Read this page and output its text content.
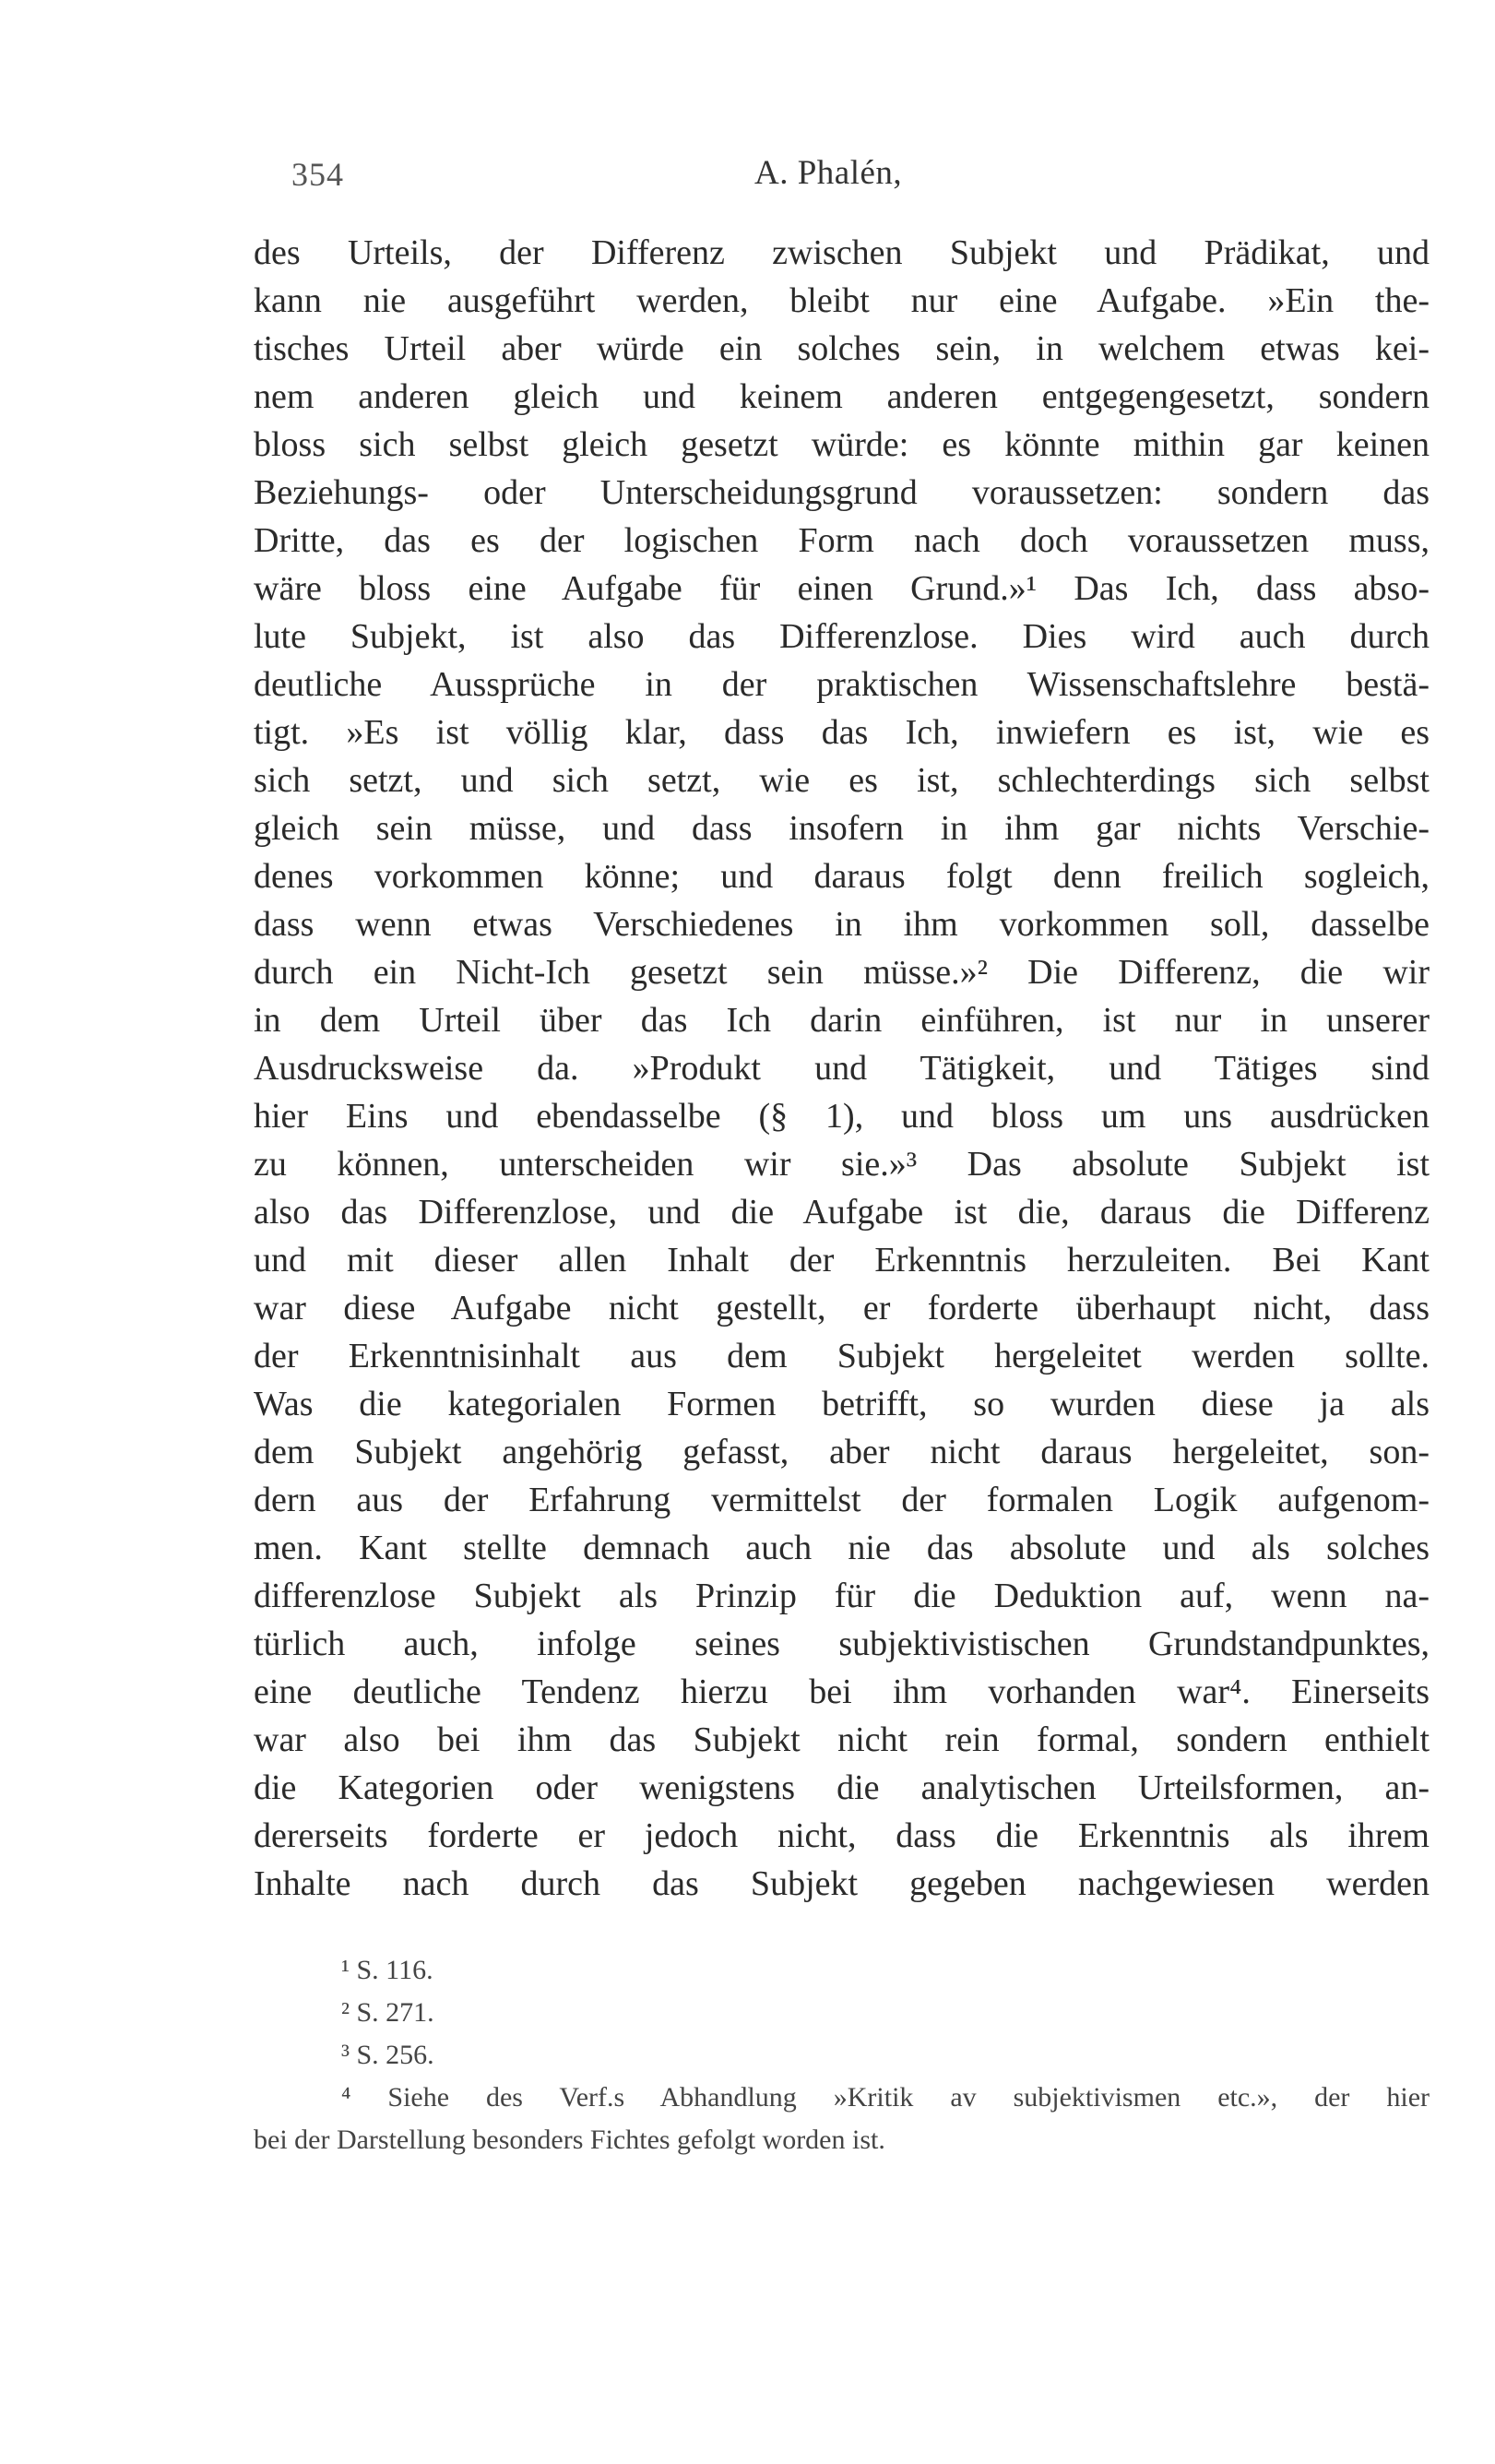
354	A. Phalén,
des Urteils, der Differenz zwischen Subjekt und Prädikat, und
kann nie ausgeführt werden, bleibt nur eine Aufgabe. »Ein the-
tisches Urteil aber würde ein solches sein, in welchem etwas kei-
nem anderen gleich und keinem anderen entgegengesetzt, sondern
bloss sich selbst gleich gesetzt würde: es könnte mithin gar keinen
Beziehungs- oder Unterscheidungsgrund voraussetzen: sondern das
Dritte, das es der logischen Form nach doch voraussetzen muss,
wäre bloss eine Aufgabe für einen Grund.»¹ Das Ich, dass abso-
lute Subjekt, ist also das Differenzlose. Dies wird auch durch
deutliche Aussprüche in der praktischen Wissenschaftslehre bestä-
tigt. »Es ist völlig klar, dass das Ich, inwiefern es ist, wie es
sich setzt, und sich setzt, wie es ist, schlechterdings sich selbst
gleich sein müsse, und dass insofern in ihm gar nichts Verschie-
denes vorkommen könne; und daraus folgt denn freilich sogleich,
dass wenn etwas Verschiedenes in ihm vorkommen soll, dasselbe
durch ein Nicht-Ich gesetzt sein müsse.»² Die Differenz, die wir
in dem Urteil über das Ich darin einführen, ist nur in unserer
Ausdrucksweise da. »Produkt und Tätigkeit, und Tätiges sind
hier Eins und ebendasselbe (§ 1), und bloss um uns ausdrücken
zu können, unterscheiden wir sie.»³ Das absolute Subjekt ist
also das Differenzlose, und die Aufgabe ist die, daraus die Differenz
und mit dieser allen Inhalt der Erkenntnis herzuleiten. Bei Kant
war diese Aufgabe nicht gestellt, er forderte überhaupt nicht, dass
der Erkenntnisinhalt aus dem Subjekt hergeleitet werden sollte.
Was die kategorialen Formen betrifft, so wurden diese ja als
dem Subjekt angehörig gefasst, aber nicht daraus hergeleitet, son-
dern aus der Erfahrung vermittelst der formalen Logik aufgenom-
men. Kant stellte demnach auch nie das absolute und als solches
differenzlose Subjekt als Prinzip für die Deduktion auf, wenn na-
türlich auch, infolge seines subjektivistischen Grundstandpunktes,
eine deutliche Tendenz hierzu bei ihm vorhanden war⁴. Einerseits
war also bei ihm das Subjekt nicht rein formal, sondern enthielt
die Kategorien oder wenigstens die analytischen Urteilsformen, an-
dererseits forderte er jedoch nicht, dass die Erkenntnis als ihrem
Inhalte nach durch das Subjekt gegeben nachgewiesen werden
¹ S. 116.
² S. 271.
³ S. 256.
⁴ Siehe des Verf.s Abhandlung »Kritik av subjektivismen etc.», der hier
bei der Darstellung besonders Fichtes gefolgt worden ist.
